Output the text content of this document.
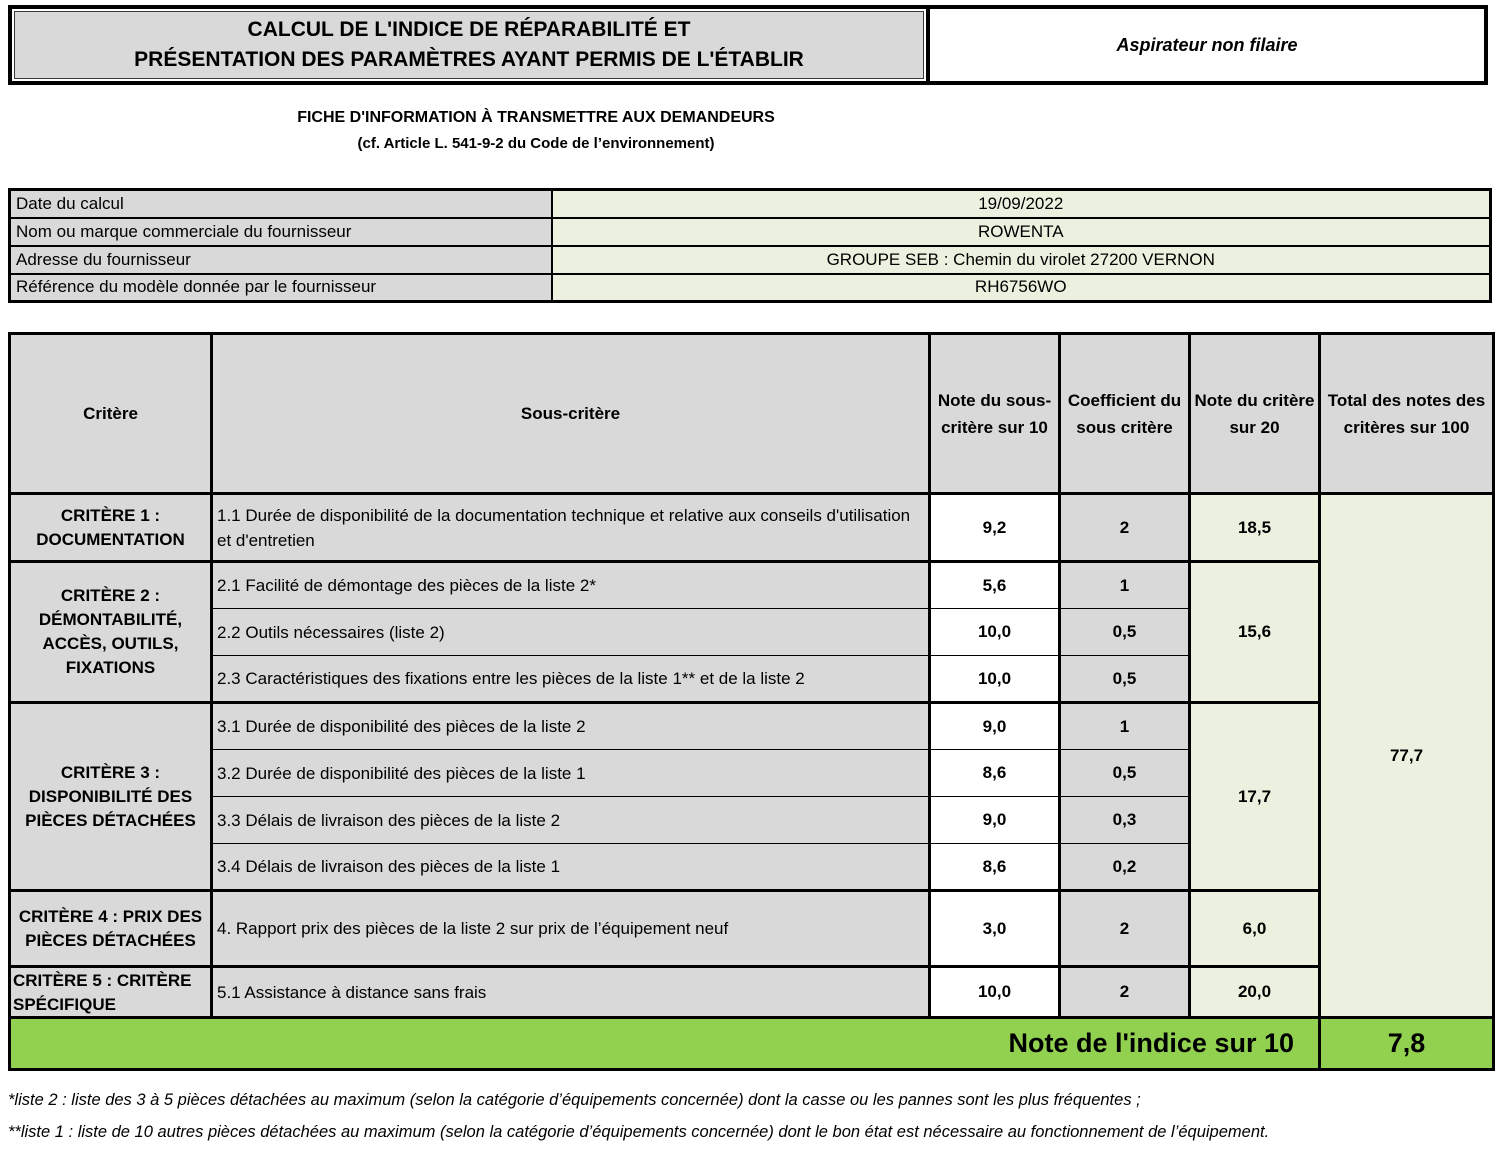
CALCUL DE L'INDICE DE RÉPARABILITÉ ET
PRÉSENTATION DES PARAMÈTRES AYANT PERMIS DE L'ÉTABLIR
Aspirateur non filaire
FICHE D'INFORMATION À TRANSMETTRE AUX DEMANDEURS
(cf. Article L. 541-9-2 du Code de l’environnement)
Date du calcul	19/09/2022
Nom ou marque commerciale du fournisseur	ROWENTA
Adresse du fournisseur	GROUPE SEB : Chemin du virolet 27200 VERNON
Référence du modèle donnée par le fournisseur	RH6756WO
Critère	Sous-critère	Note du sous-critère sur 10	Coefficient du sous critère	Note du critère sur 20	Total des notes des critères sur 100
CRITÈRE 1 : DOCUMENTATION	1.1 Durée de disponibilité de la documentation technique et relative aux conseils d'utilisation et d'entretien	9,2	2	18,5	77,7
CRITÈRE 2 : DÉMONTABILITÉ, ACCÈS, OUTILS, FIXATIONS	2.1 Facilité de démontage des pièces de la liste 2*	5,6	1	15,6	
	2.2 Outils nécessaires (liste 2)	10,0	0,5		
	2.3 Caractéristiques des fixations entre les pièces de la liste 1** et de la liste 2	10,0	0,5		
CRITÈRE 3 : DISPONIBILITÉ DES PIÈCES DÉTACHÉES	3.1 Durée de disponibilité des pièces de la liste 2	9,0	1	17,7	
	3.2 Durée de disponibilité des pièces de la liste 1	8,6	0,5		
	3.3 Délais de livraison des pièces de la liste 2	9,0	0,3		
	3.4 Délais de livraison des pièces de la liste 1	8,6	0,2		
CRITÈRE 4 : PRIX DES PIÈCES DÉTACHÉES	4. Rapport prix des pièces de la liste 2 sur prix de l’équipement neuf	3,0	2	6,0	

CRITÈRE 5 : CRITÈRE SPÉCIFIQUE	5.1 Assistance à distance sans frais	10,0	2	20,0	
Note de l'indice sur 10					7,8

*liste 2 : liste des 3 à 5 pièces détachées au maximum (selon la catégorie d’équipements concernée) dont la casse ou les pannes sont les plus fréquentes ;

**liste 1 : liste de 10 autres pièces détachées au maximum (selon la catégorie d’équipements concernée) dont le bon état est nécessaire au fonctionnement de l’équipement.
